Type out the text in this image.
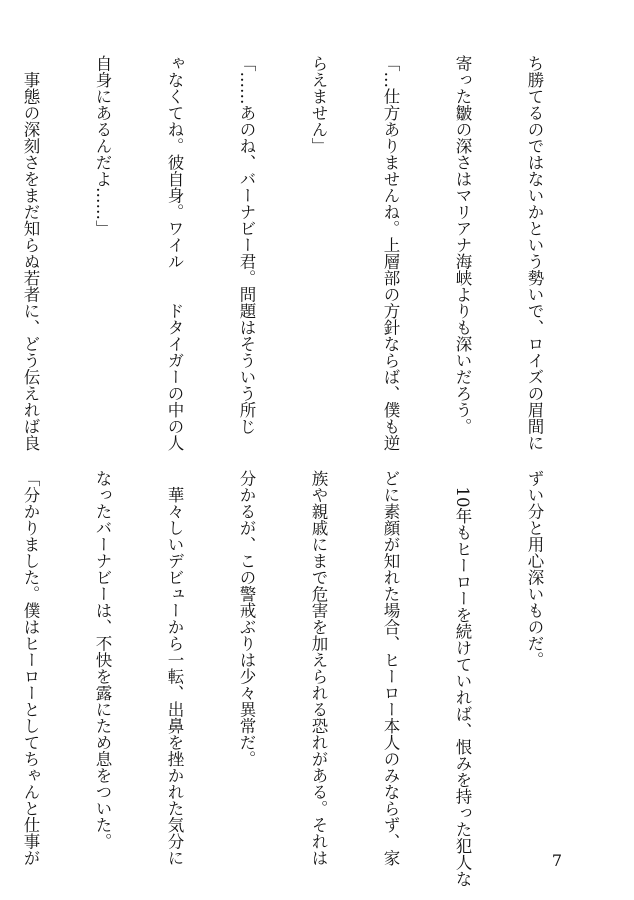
ち勝てるのではないかという勢いで、ロイズの眉間に

寄った皺の深さはマリアナ海峡よりも深いだろう。

「…仕方ありませんね。上層部の方針ならば、僕も逆

らえません」

「……あのね、バーナビー君。問題はそういう所じ

ゃなくてね。彼自身。ワイル　　ドタイガーの中の人

自身にあるんだよ……」

　事態の深刻さをまだ知らぬ若者に、どう伝えれば良

ずい分と用心深いものだ。

　10年もヒーローを続けていれば、恨みを持った犯人な

どに素顔が知れた場合、ヒーロー本人のみならず、家

族や親戚にまで危害を加えられる恐れがある。それは

分かるが、この警戒ぶりは少々異常だ。

　華々しいデビューから一転、出鼻を挫かれた気分に

なったバーナビーは、不快を露にため息をついた。

「分かりました。僕はヒーローとしてちゃんと仕事が

	7
